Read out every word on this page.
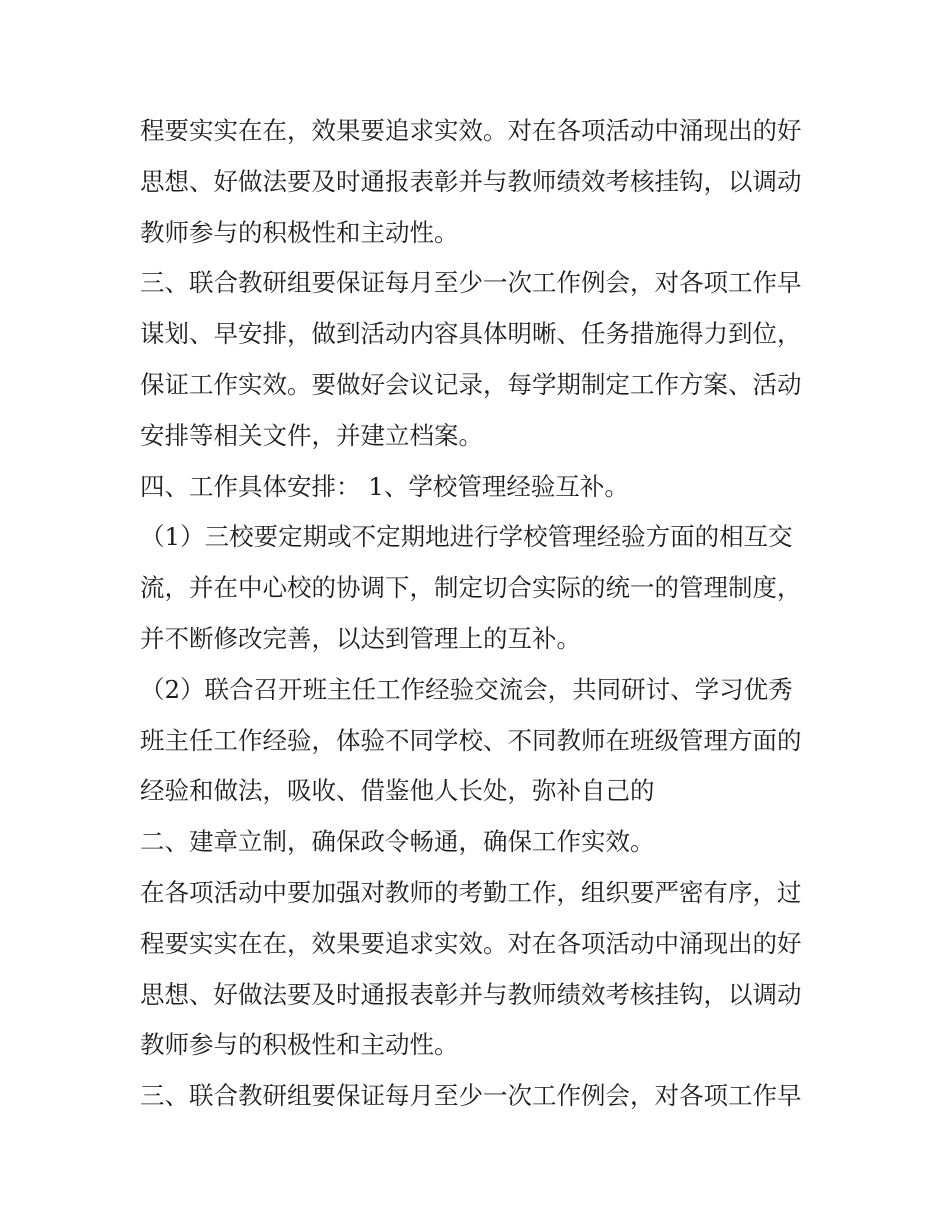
程要实实在在，效果要追求实效。对在各项活动中涌现出的好
思想、好做法要及时通报表彰并与教师绩效考核挂钩，以调动
教师参与的积极性和主动性。
三、联合教研组要保证每月至少一次工作例会，对各项工作早
谋划、早安排，做到活动内容具体明晰、任务措施得力到位，
保证工作实效。要做好会议记录，每学期制定工作方案、活动
安排等相关文件，并建立档案。
四、工作具体安排： 1、学校管理经验互补。
（1）三校要定期或不定期地进行学校管理经验方面的相互交
流，并在中心校的协调下，制定切合实际的统一的管理制度，
并不断修改完善，以达到管理上的互补。
（2）联合召开班主任工作经验交流会，共同研讨、学习优秀
班主任工作经验，体验不同学校、不同教师在班级管理方面的
经验和做法，吸收、借鉴他人长处，弥补自己的
二、建章立制，确保政令畅通，确保工作实效。
在各项活动中要加强对教师的考勤工作，组织要严密有序，过
程要实实在在，效果要追求实效。对在各项活动中涌现出的好
思想、好做法要及时通报表彰并与教师绩效考核挂钩，以调动
教师参与的积极性和主动性。
三、联合教研组要保证每月至少一次工作例会，对各项工作早
